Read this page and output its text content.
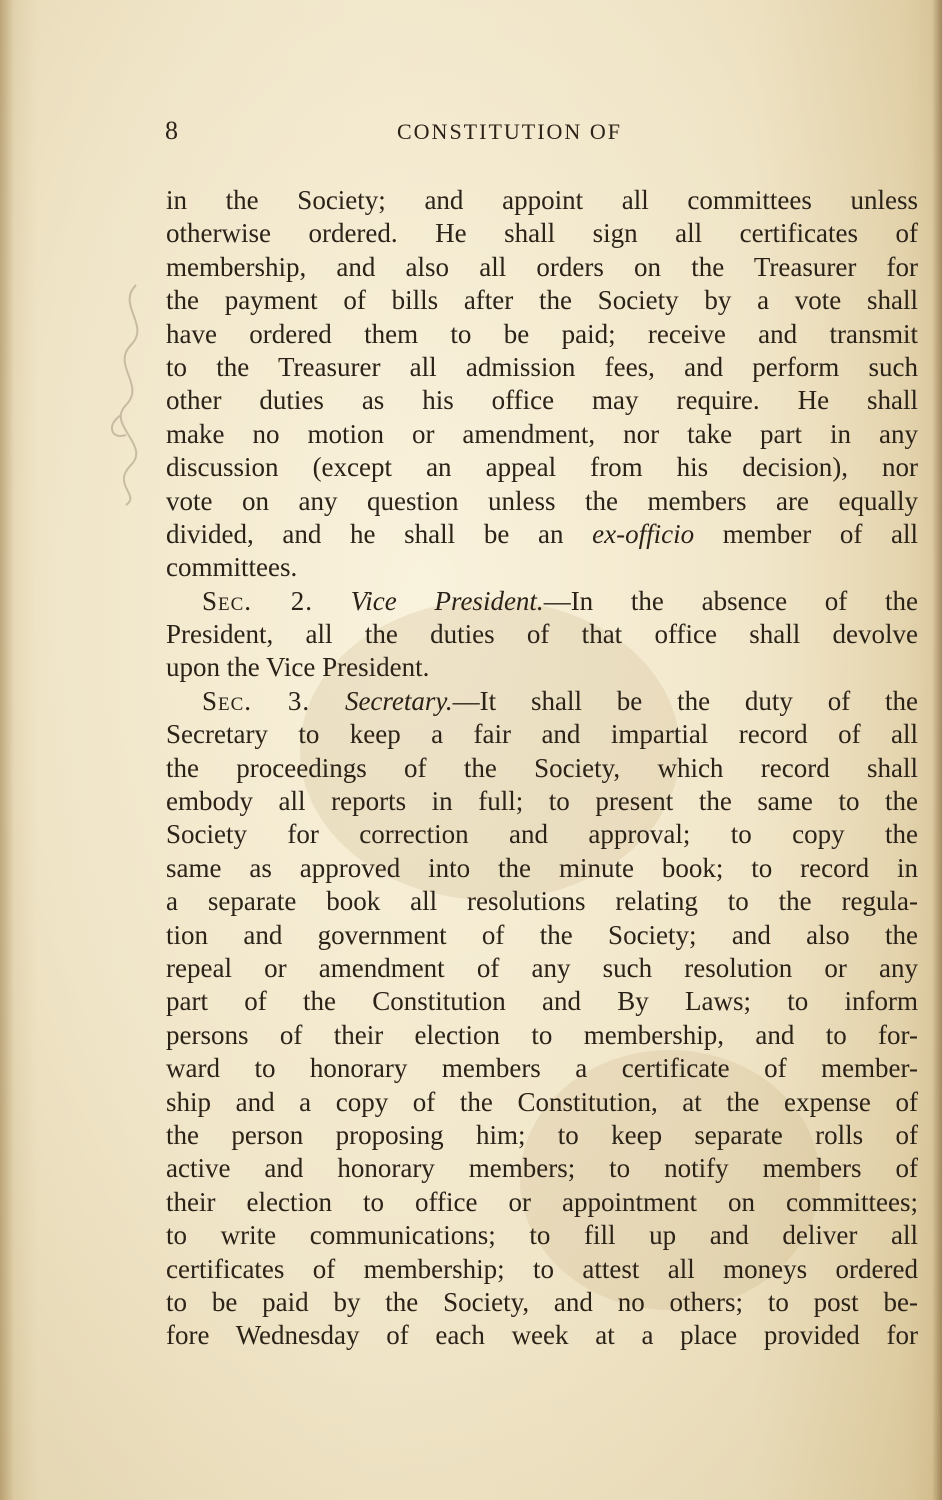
8	CONSTITUTION OF
in the Society; and appoint all committees unless
otherwise ordered. He shall sign all certificates of
membership, and also all orders on the Treasurer for
the payment of bills after the Society by a vote shall
have ordered them to be paid; receive and transmit
to the Treasurer all admission fees, and perform such
other duties as his office may require. He shall
make no motion or amendment, nor take part in any
discussion (except an appeal from his decision), nor
vote on any question unless the members are equally
divided, and he shall be an ex-officio member of all
committees.
Sec. 2. Vice President.—In the absence of the
President, all the duties of that office shall devolve
upon the Vice President.
Sec. 3. Secretary.—It shall be the duty of the
Secretary to keep a fair and impartial record of all
the proceedings of the Society, which record shall
embody all reports in full; to present the same to the
Society for correction and approval; to copy the
same as approved into the minute book; to record in
a separate book all resolutions relating to the regula-
tion and government of the Society; and also the
repeal or amendment of any such resolution or any
part of the Constitution and By Laws; to inform
persons of their election to membership, and to for-
ward to honorary members a certificate of member-
ship and a copy of the Constitution, at the expense of
the person proposing him; to keep separate rolls of
active and honorary members; to notify members of
their election to office or appointment on committees;
to write communications; to fill up and deliver all
certificates of membership; to attest all moneys ordered
to be paid by the Society, and no others; to post be-
fore Wednesday of each week at a place provided for
